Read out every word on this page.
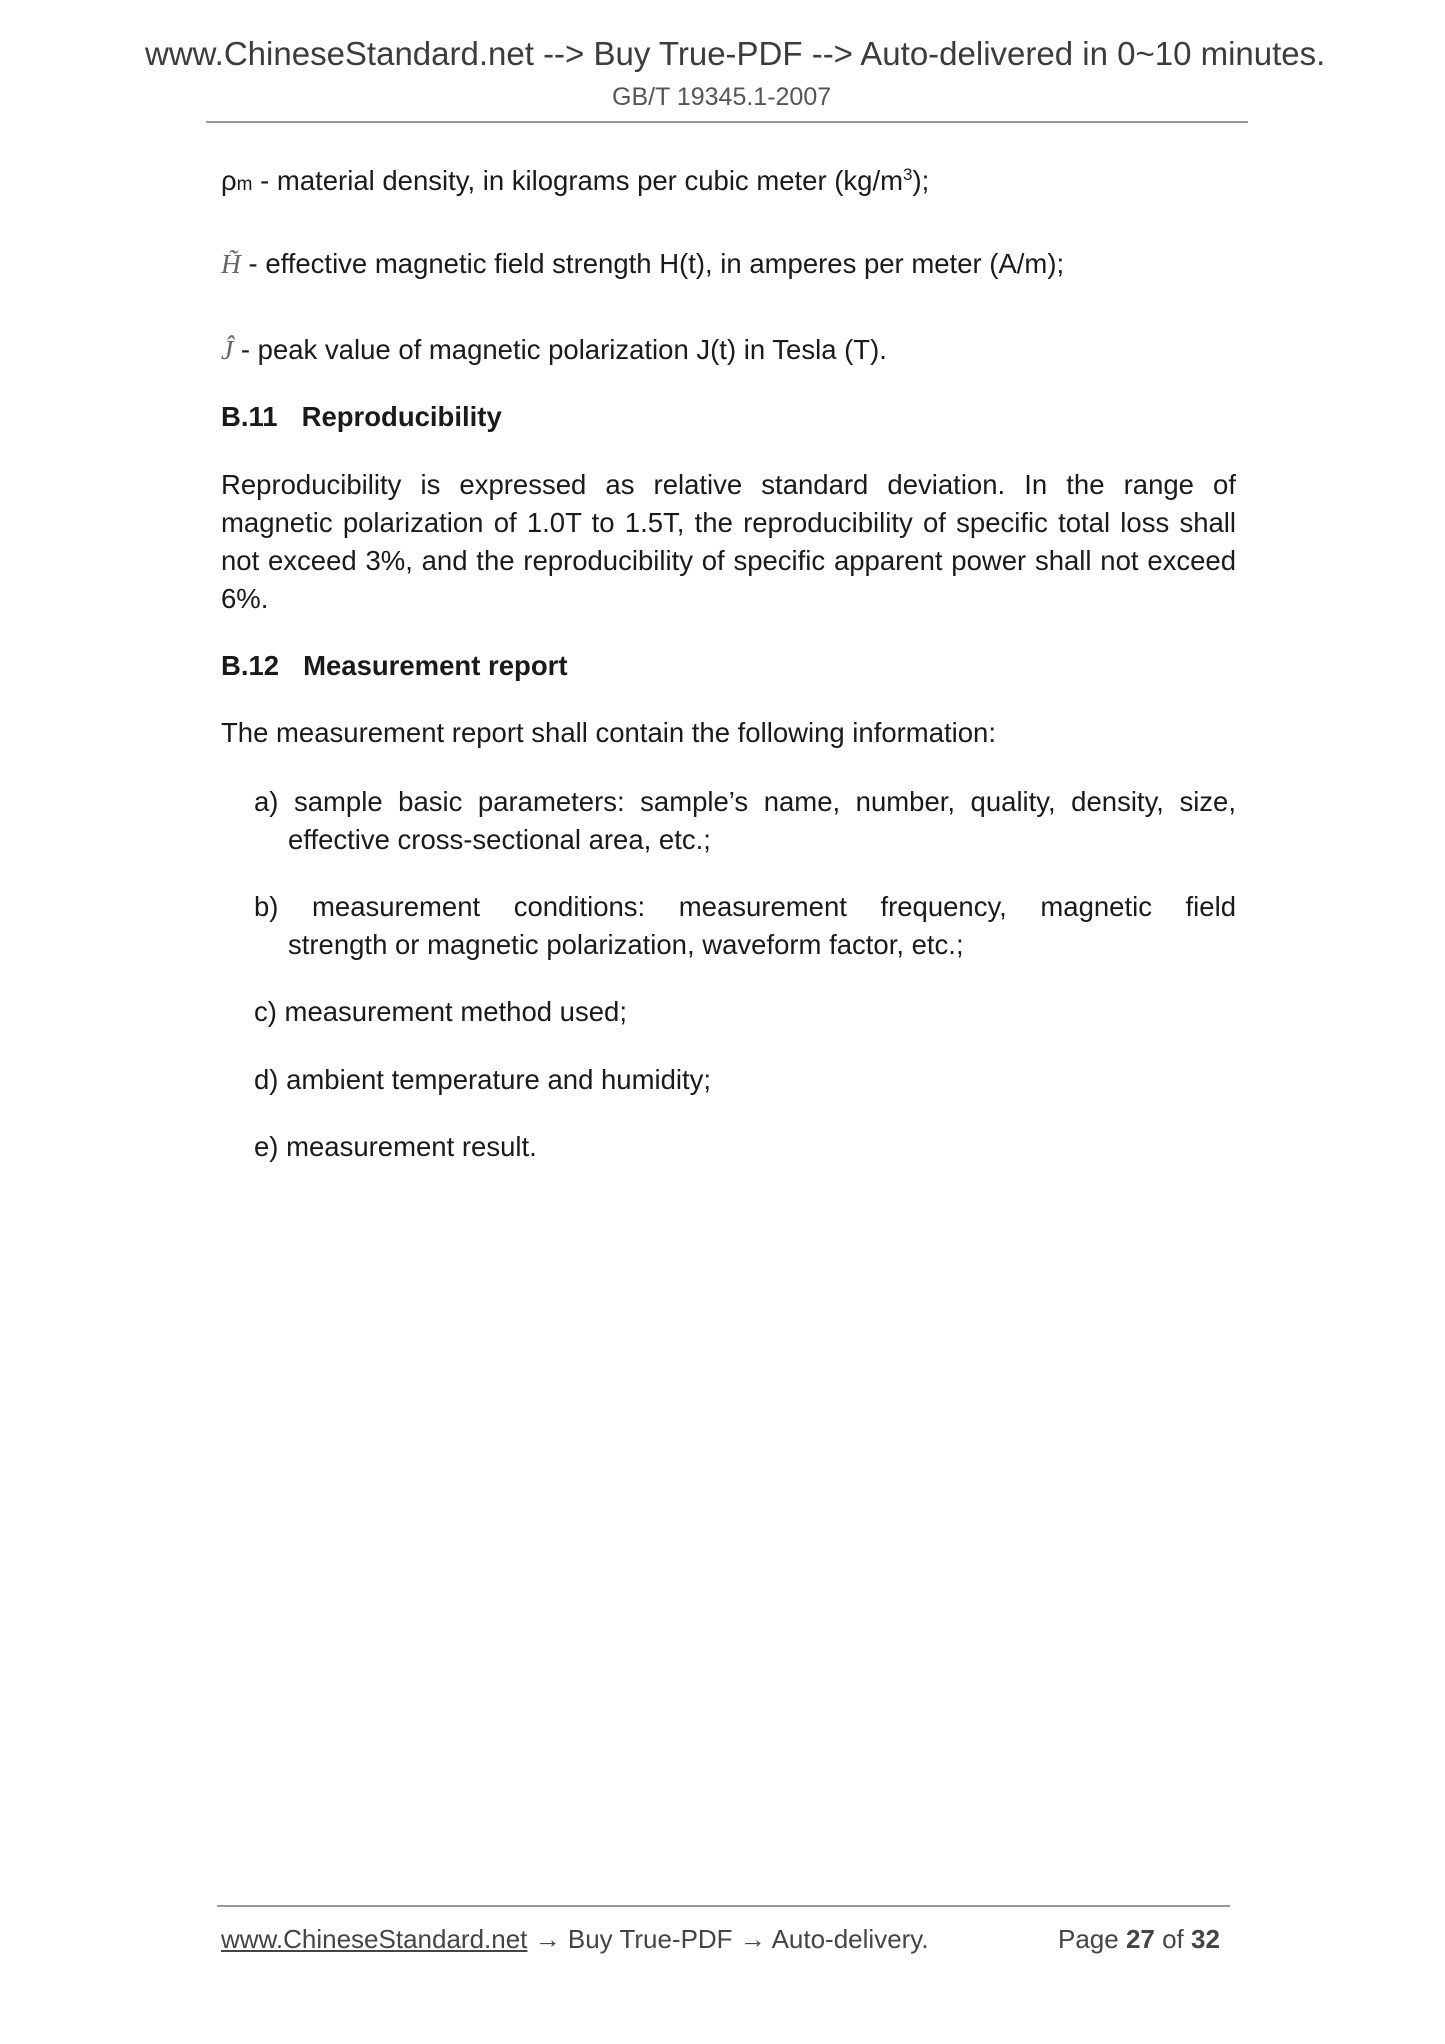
www.ChineseStandard.net --> Buy True-PDF --> Auto-delivered in 0~10 minutes.
GB/T 19345.1-2007
ρm - material density, in kilograms per cubic meter $(kg/m^3)$;
H̃ - effective magnetic field strength H(t), in amperes per meter (A/m);
Ĵ - peak value of magnetic polarization J(t) in Tesla (T).
B.11 Reproducibility
Reproducibility is expressed as relative standard deviation. In the range of magnetic polarization of 1.0T to 1.5T, the reproducibility of specific total loss shall not exceed 3%, and the reproducibility of specific apparent power shall not exceed 6%.
B.12 Measurement report
The measurement report shall contain the following information:
a) sample basic parameters: sample’s name, number, quality, density, size,
effective cross-sectional area, etc.;
b) measurement conditions: measurement frequency, magnetic field
strength or magnetic polarization, waveform factor, etc.;
c) measurement method used;
d) ambient temperature and humidity;
e) measurement result.
www.ChineseStandard.net → Buy True-PDF → Auto-delivery.	Page 27 of 32
